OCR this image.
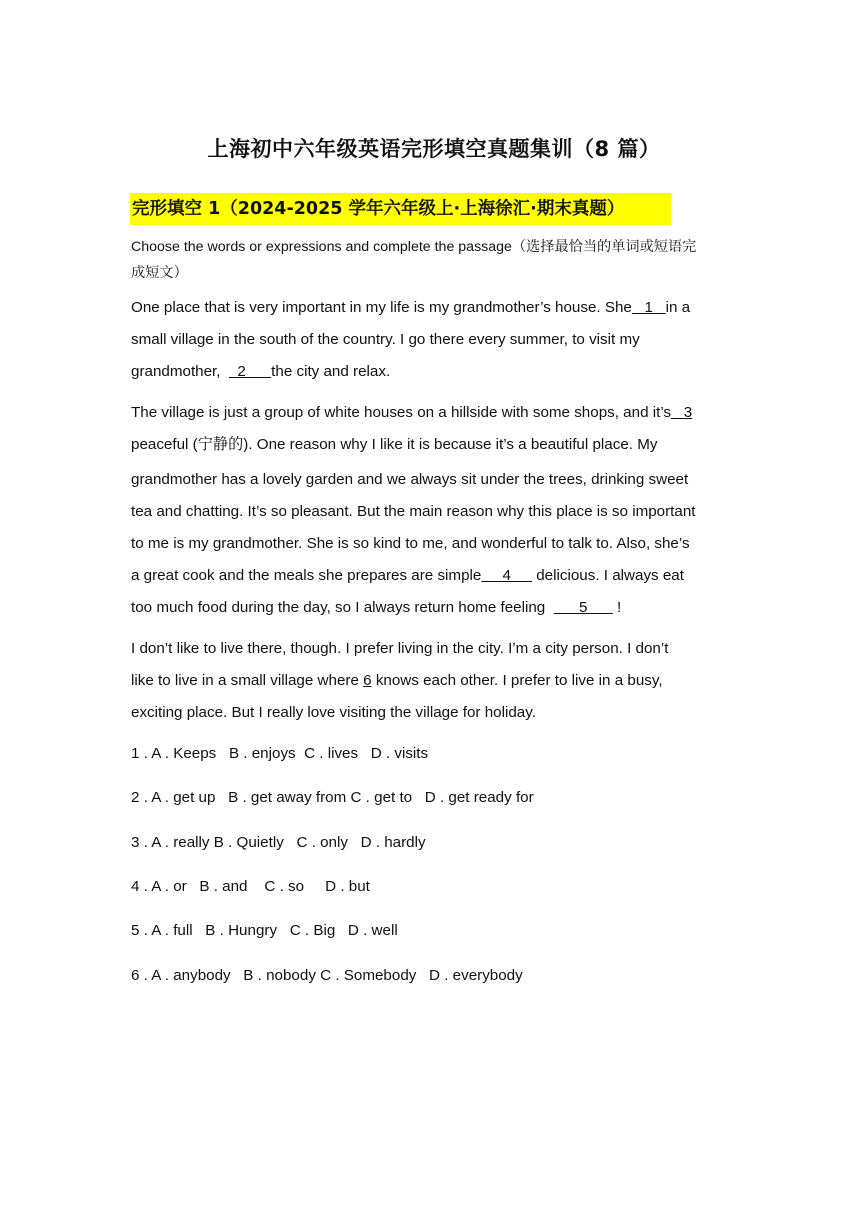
上海初中六年级英语完形填空真题集训（8 篇）
完形填空 1（2024-2025 学年六年级上·上海徐汇·期末真题）
Choose the words or expressions and complete the passage（选择最恰当的单词或短语完
成短文）
One place that is very important in my life is my grandmother’s house. She   1   in a
small village in the south of the country. I go there every summer, to visit my
grandmother,    2      the city and relax.
The village is just a group of white houses on a hillside with some shops, and it’s   3
peaceful (宁静的). One reason why I like it is because it’s a beautiful place. My
grandmother has a lovely garden and we always sit under the trees, drinking sweet
tea and chatting. It’s so pleasant. But the main reason why this place is so important
to me is my grandmother. She is so kind to me, and wonderful to talk to. Also, she’s
a great cook and the meals she prepares are simple     4      delicious. I always eat
too much food during the day, so I always return home feeling        5       !
I don’t like to live there, though. I prefer living in the city. I’m a city person. I don’t
like to live in a small village where 6 knows each other. I prefer to live in a busy,
exciting place. But I really love visiting the village for holiday.
1 . A . Keeps   B . enjoys  C . lives   D . visits
2 . A . get up   B . get away from C . get to   D . get ready for
3 . A . really B . Quietly   C . only   D . hardly
4 . A . or   B . and    C . so     D . but
5 . A . full   B . Hungry   C . Big   D . well
6 . A . anybody   B . nobody C . Somebody   D . everybody
